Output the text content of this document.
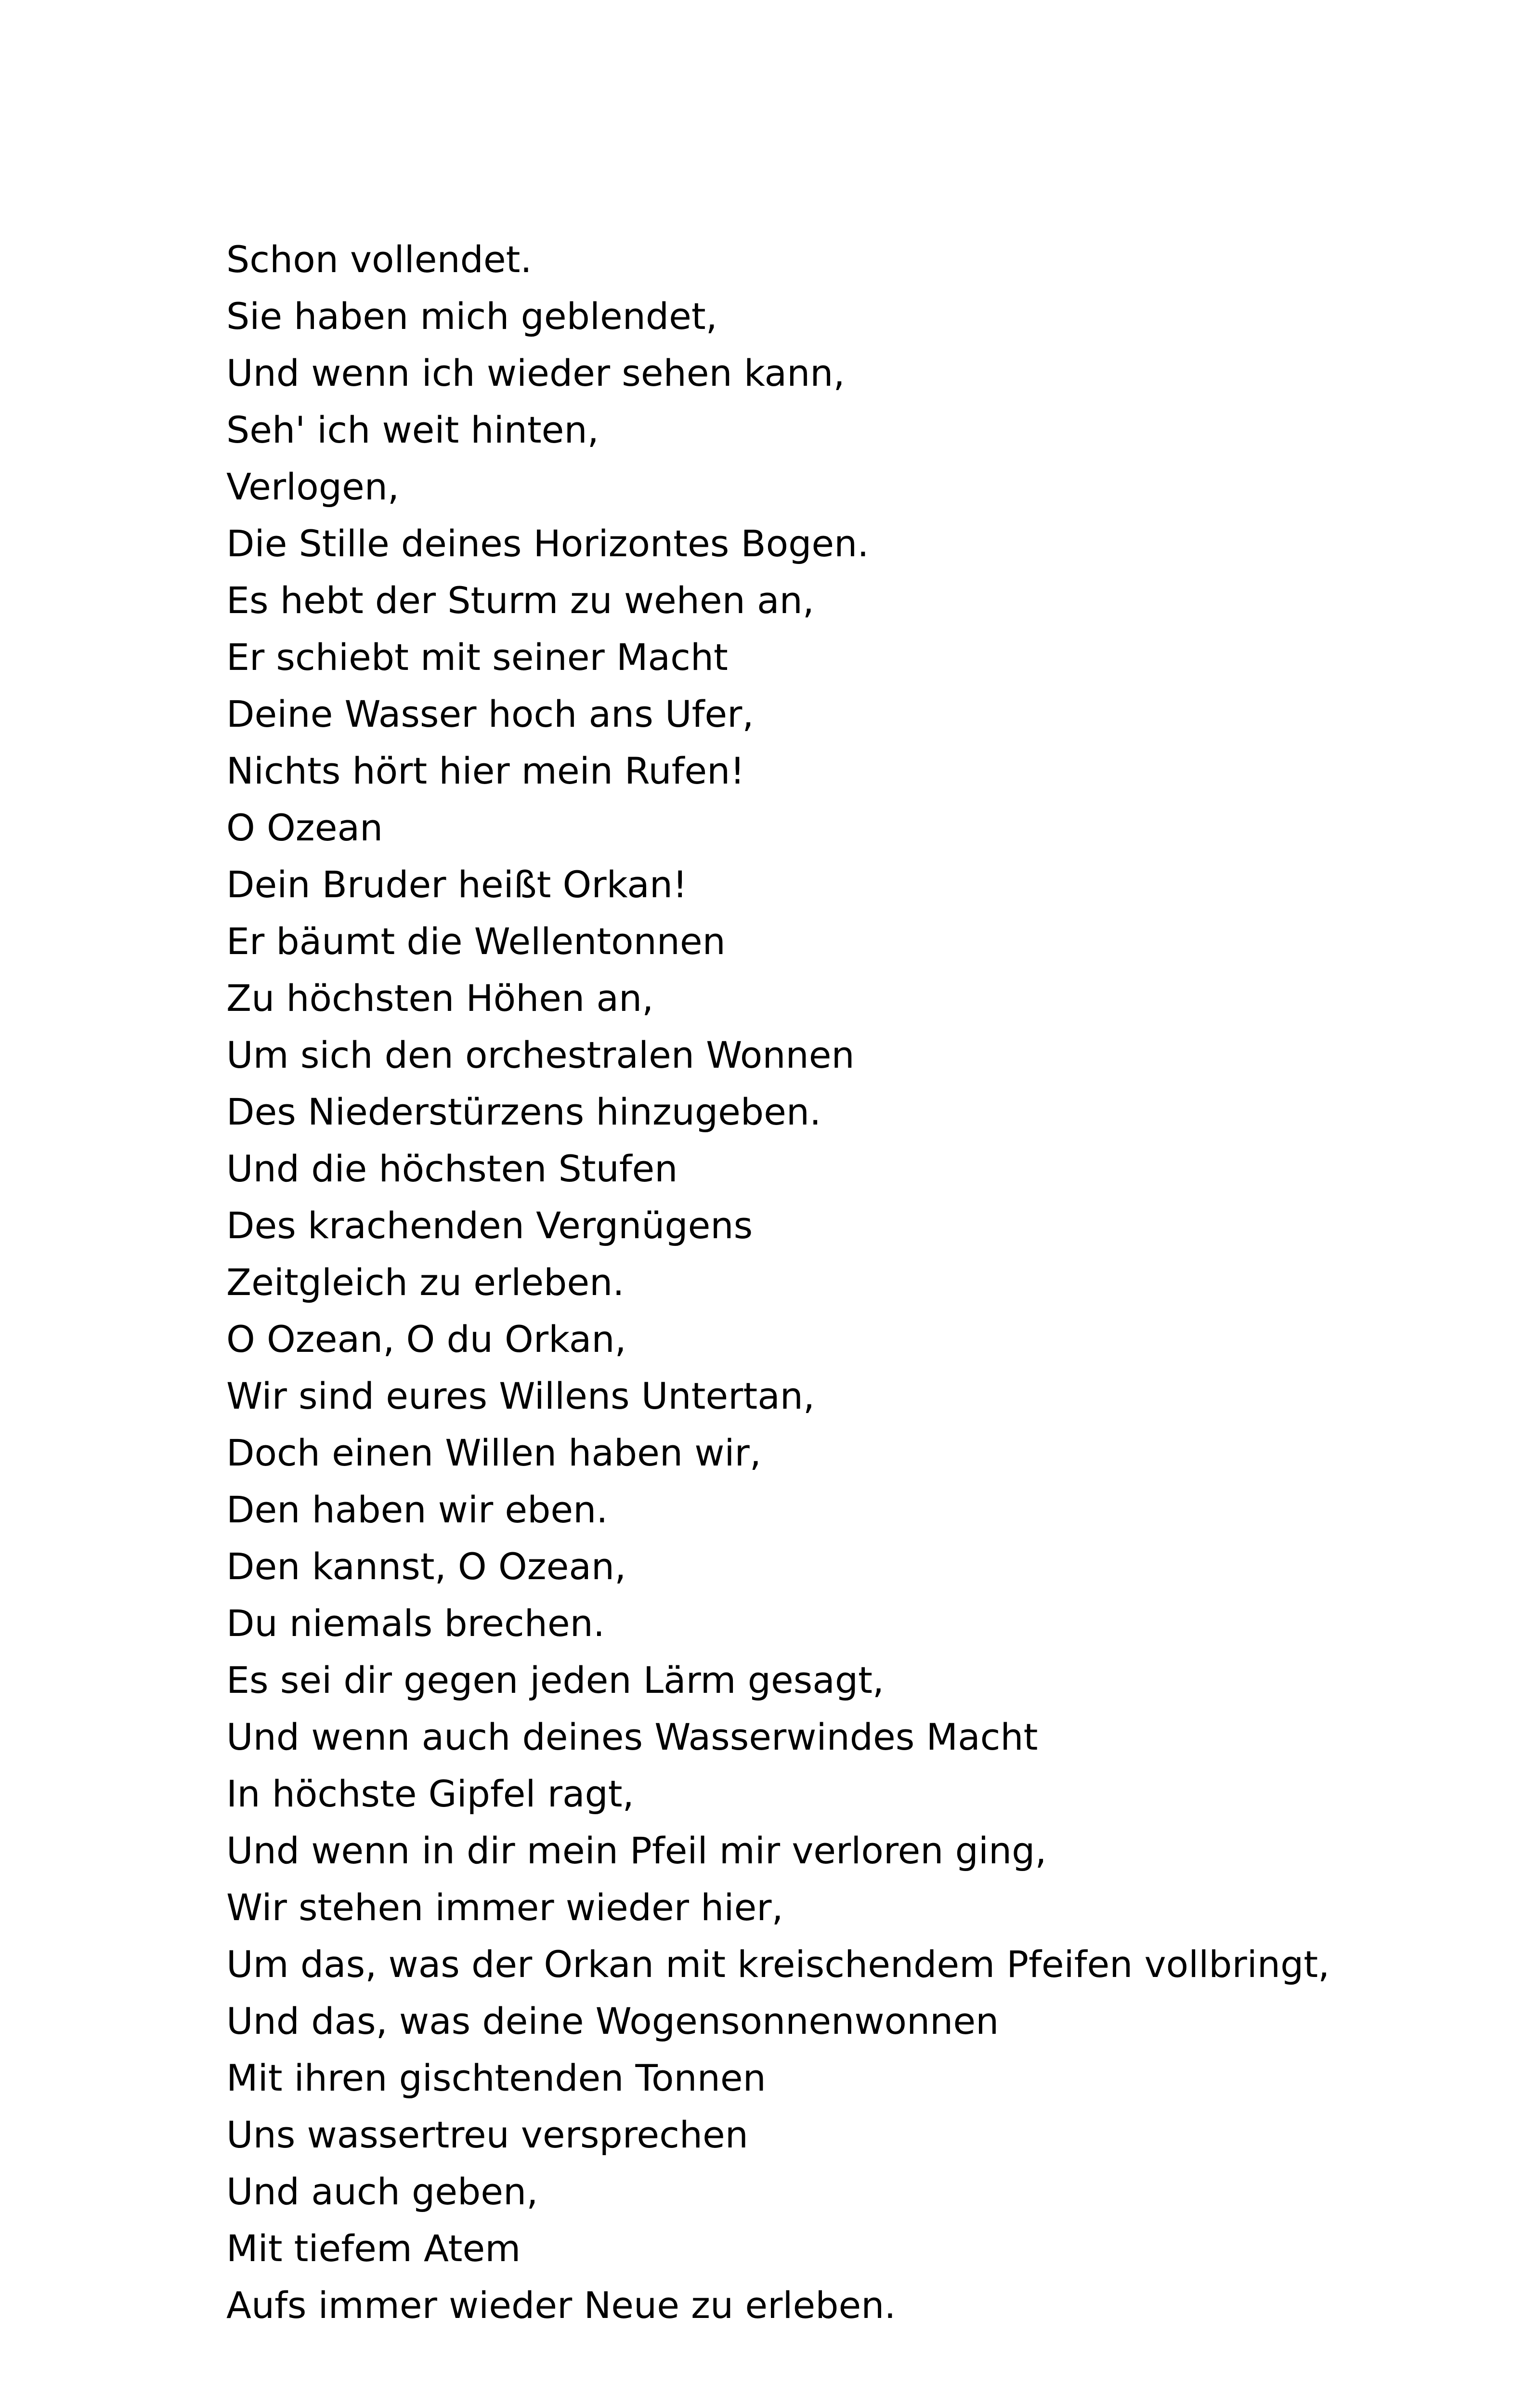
Schon vollendet.
Sie haben mich geblendet,
Und wenn ich wieder sehen kann,
Seh' ich weit hinten,
Verlogen,
Die Stille deines Horizontes Bogen.
Es hebt der Sturm zu wehen an,
Er schiebt mit seiner Macht
Deine Wasser hoch ans Ufer,
Nichts hört hier mein Rufen!
O Ozean
Dein Bruder heißt Orkan!
Er bäumt die Wellentonnen
Zu höchsten Höhen an,
Um sich den orchestralen Wonnen
Des Niederstürzens hinzugeben.
Und die höchsten Stufen
Des krachenden Vergnügens
Zeitgleich zu erleben.
O Ozean, O du Orkan,
Wir sind eures Willens Untertan,
Doch einen Willen haben wir,
Den haben wir eben.
Den kannst, O Ozean,
Du niemals brechen.
Es sei dir gegen jeden Lärm gesagt,
Und wenn auch deines Wasserwindes Macht
In höchste Gipfel ragt,
Und wenn in dir mein Pfeil mir verloren ging,
Wir stehen immer wieder hier,
Um das, was der Orkan mit kreischendem Pfeifen vollbringt,
Und das, was deine Wogensonnenwonnen
Mit ihren gischtenden Tonnen
Uns wassertreu versprechen
Und auch geben,
Mit tiefem Atem
Aufs immer wieder Neue zu erleben.
